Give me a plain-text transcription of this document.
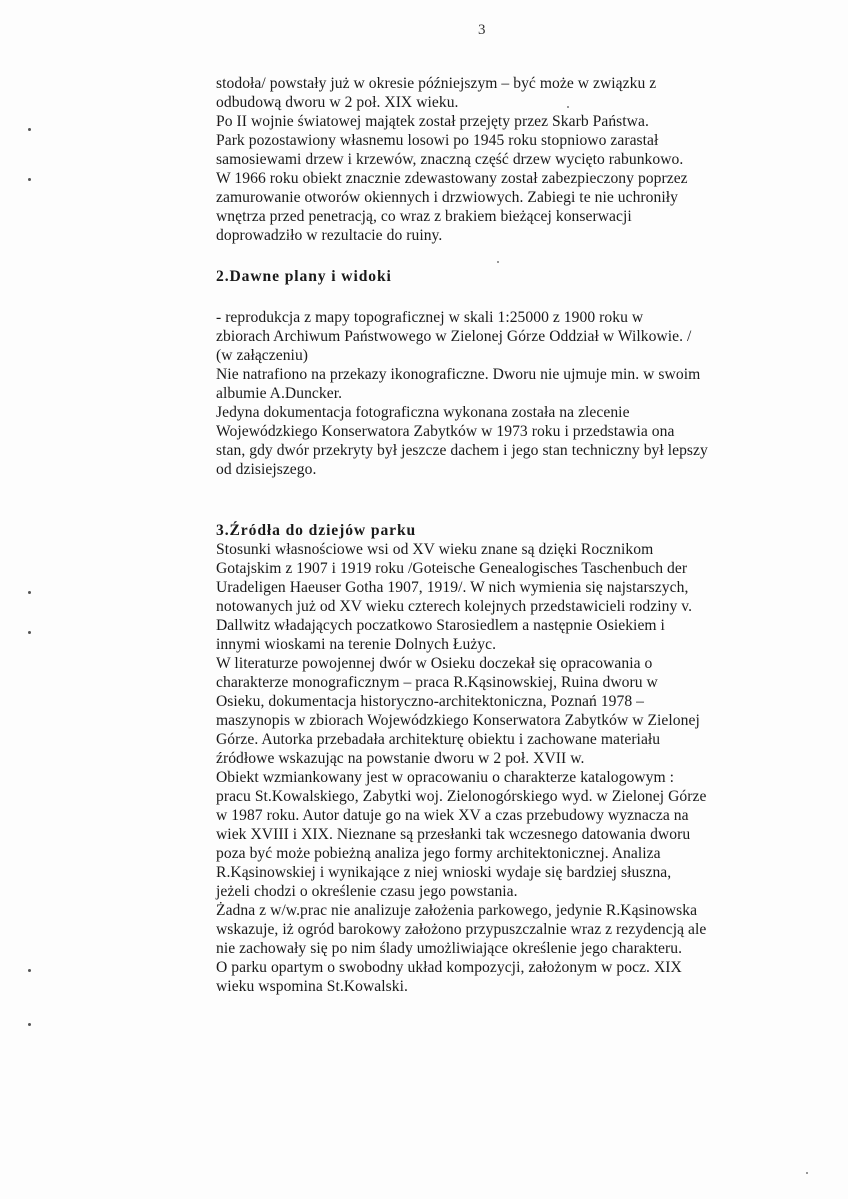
3
stodoła/ powstały już w okresie późniejszym – być może w związku z
odbudową dworu w 2 poł. XIX wieku.
Po II wojnie światowej majątek został przejęty przez Skarb Państwa.
Park pozostawiony własnemu losowi po 1945 roku stopniowo zarastał
samosiewami drzew i krzewów, znaczną część drzew wycięto rabunkowo.
W 1966 roku obiekt znacznie zdewastowany został zabezpieczony poprzez
zamurowanie otworów okiennych i drzwiowych. Zabiegi te nie uchroniły
wnętrza przed penetracją, co wraz z brakiem bieżącej konserwacji
doprowadziło w rezultacie do ruiny.
2.Dawne plany i widoki
- reprodukcja z mapy topograficznej w skali 1:25000 z 1900 roku w
zbiorach Archiwum Państwowego w Zielonej Górze Oddział w Wilkowie. /
(w załączeniu)
Nie natrafiono na przekazy ikonograficzne. Dworu nie ujmuje min. w swoim
albumie A.Duncker.
Jedyna dokumentacja fotograficzna wykonana została na zlecenie
Wojewódzkiego Konserwatora Zabytków w 1973 roku i przedstawia ona
stan, gdy dwór przekryty był jeszcze dachem i jego stan techniczny był lepszy
od dzisiejszego.
3.Źródła do dziejów parku
Stosunki własnościowe wsi od XV wieku znane są dzięki Rocznikom
Gotajskim z 1907 i 1919 roku /Goteische Genealogisches Taschenbuch der
Uradeligen Haeuser Gotha 1907, 1919/. W nich wymienia się najstarszych,
notowanych już od XV wieku czterech kolejnych przedstawicieli rodziny v.
Dallwitz władających poczatkowo Starosiedlem a następnie Osiekiem i
innymi wioskami na terenie Dolnych Łużyc.
W literaturze powojennej dwór w Osieku doczekał się opracowania o
charakterze monograficznym – praca R.Kąsinowskiej, Ruina dworu w
Osieku, dokumentacja historyczno-architektoniczna, Poznań 1978 –
maszynopis w zbiorach Wojewódzkiego Konserwatora Zabytków w Zielonej
Górze. Autorka przebadała architekturę obiektu i zachowane materiału
źródłowe wskazując na powstanie dworu w 2 poł. XVII w.
Obiekt wzmiankowany jest w opracowaniu o charakterze katalogowym :
pracu St.Kowalskiego, Zabytki woj. Zielonogórskiego wyd. w Zielonej Górze
w 1987 roku. Autor datuje go na wiek XV a czas przebudowy wyznacza na
wiek XVIII i XIX. Nieznane są przesłanki tak wczesnego datowania dworu
poza być może pobieżną analiza jego formy architektonicznej. Analiza
R.Kąsinowskiej i wynikające z niej wnioski wydaje się bardziej słuszna,
jeżeli chodzi o określenie czasu jego powstania.
Żadna z w/w.prac nie analizuje założenia parkowego, jedynie R.Kąsinowska
wskazuje, iż ogród barokowy założono przypuszczalnie wraz z rezydencją ale
nie zachowały się po nim ślady umożliwiające określenie jego charakteru.
O parku opartym o swobodny układ kompozycji, założonym w pocz. XIX
wieku wspomina St.Kowalski.
